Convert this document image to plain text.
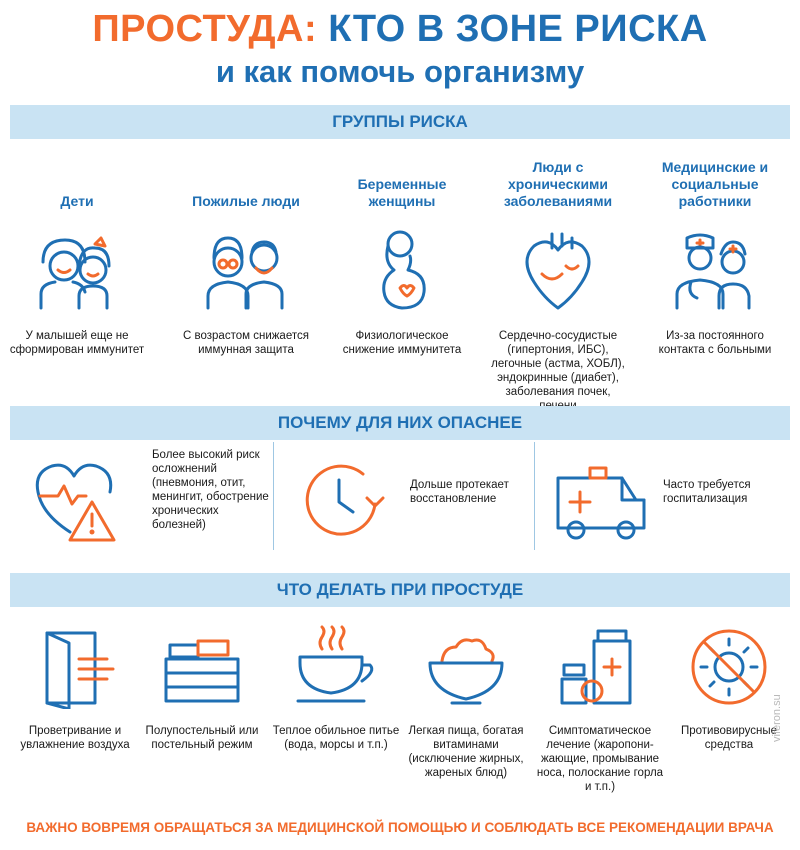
ПРОСТУДА: КТО В ЗОНЕ РИСКА
и как помочь организму
ГРУППЫ РИСКА
Дети
У малышей еще не сформирован иммунитет
Пожилые люди
С возрастом снижается иммунная защита
Беременные женщины
Физиологическое снижение иммунитета
Люди с хроническими заболеваниями
Сердечно-сосудистые (гипертония, ИБС), легочные (астма, ХОБЛ), эндокринные (диабет), заболевания почек,
Медицинские и социальные работники
Из-за постоянного контакта с больными
ПОЧЕМУ ДЛЯ НИХ ОПАСНЕЕ
Более высокий риск осложнений (пневмония, отит, менингит, обострение хронических болезней)
Дольше протекает восстановление
Часто требуется госпитализация
ЧТО ДЕЛАТЬ ПРИ ПРОСТУДЕ
Проветривание и увлажнение воздуха
Полупостельный или постельный режим
Теплое обильное питье (вода, морсы и т.п.)
Легкая пища, богатая витаминами (исключение жирных, жареных блюд)
Симптоматическое лечение (жаропони-жающие, промывание носа, полоскание горла и т.п.)
Противовирусные средства
viferon.su
ВАЖНО ВОВРЕМЯ ОБРАЩАТЬСЯ ЗА МЕДИЦИНСКОЙ ПОМОЩЬЮ И СОБЛЮДАТЬ ВСЕ РЕКОМЕНДАЦИИ ВРАЧА
